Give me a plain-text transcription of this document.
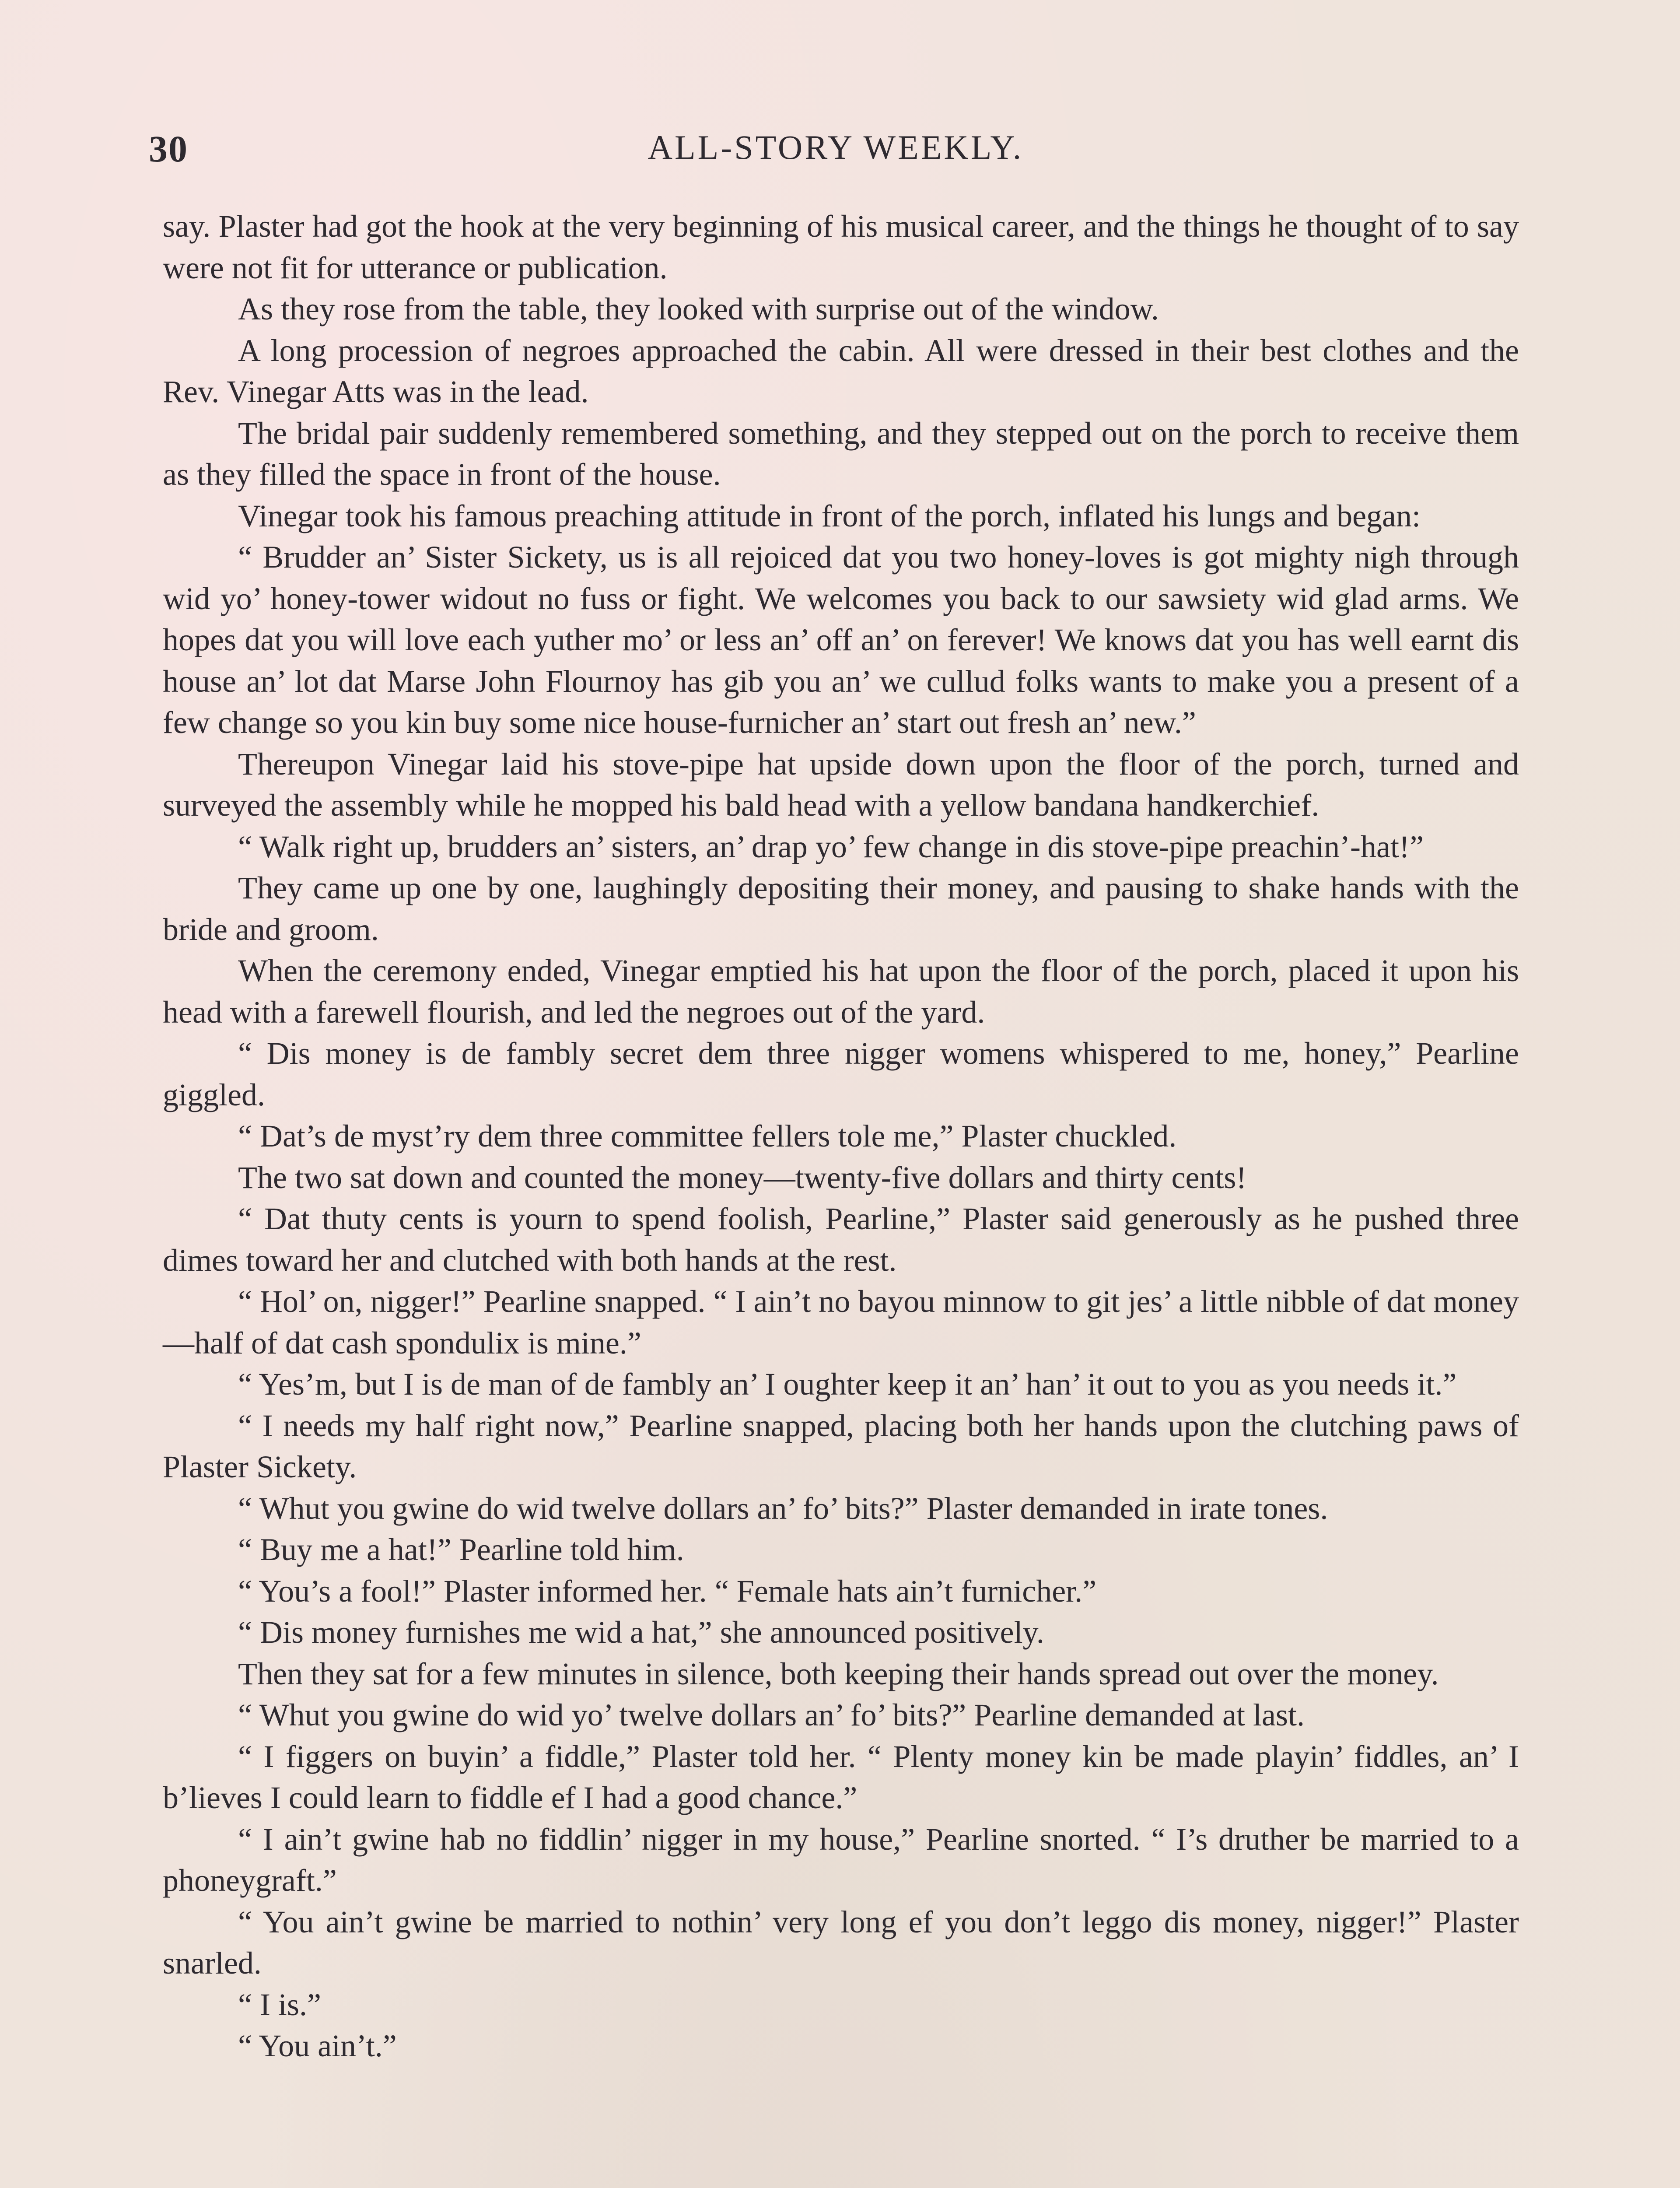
30	ALL-STORY WEEKLY.

say. Plaster had got the hook at the very beginning of his musical career, and the things he thought of to say were not fit for utterance or publication.

As they rose from the table, they looked with surprise out of the window.

A long procession of negroes approached the cabin. All were dressed in their best clothes and the Rev. Vinegar Atts was in the lead.

The bridal pair suddenly remembered something, and they stepped out on the porch to receive them as they filled the space in front of the house.

Vinegar took his famous preaching attitude in front of the porch, inflated his lungs and began:

“ Brudder an’ Sister Sickety, us is all rejoiced dat you two honey-loves is got mighty nigh through wid yo’ honey-tower widout no fuss or fight. We welcomes you back to our sawsiety wid glad arms. We hopes dat you will love each yuther mo’ or less an’ off an’ on ferever! We knows dat you has well earnt dis house an’ lot dat Marse John Flournoy has gib you an’ we cullud folks wants to make you a present of a few change so you kin buy some nice house-furnicher an’ start out fresh an’ new.”

Thereupon Vinegar laid his stove-pipe hat upside down upon the floor of the porch, turned and surveyed the assembly while he mopped his bald head with a yellow bandana handkerchief.

“ Walk right up, brudders an’ sisters, an’ drap yo’ few change in dis stove-pipe preachin’-hat!”

They came up one by one, laughingly depositing their money, and pausing to shake hands with the bride and groom.

When the ceremony ended, Vinegar emptied his hat upon the floor of the porch, placed it upon his head with a farewell flourish, and led the negroes out of the yard.

“ Dis money is de fambly secret dem three nigger womens whispered to me, honey,” Pearline giggled.

“ Dat’s de myst’ry dem three committee fellers tole me,” Plaster chuckled.

The two sat down and counted the money—twenty-five dollars and thirty cents!

“ Dat thuty cents is yourn to spend foolish, Pearline,” Plaster said generously as he pushed three dimes toward her and clutched with both hands at the rest.

“ Hol’ on, nigger!” Pearline snapped. “ I ain’t no bayou minnow to git jes’ a little nibble of dat money—half of dat cash spondulix is mine.”

“ Yes’m, but I is de man of de fambly an’ I oughter keep it an’ han’ it out to you as you needs it.”

“ I needs my half right now,” Pearline snapped, placing both her hands upon the clutching paws of Plaster Sickety.

“ Whut you gwine do wid twelve dollars an’ fo’ bits?” Plaster demanded in irate tones.

“ Buy me a hat!” Pearline told him.

“ You’s a fool!” Plaster informed her. “ Female hats ain’t furnicher.”

“ Dis money furnishes me wid a hat,” she announced positively.

Then they sat for a few minutes in silence, both keeping their hands spread out over the money.

“ Whut you gwine do wid yo’ twelve dollars an’ fo’ bits?” Pearline demanded at last.

“ I figgers on buyin’ a fiddle,” Plaster told her. “ Plenty money kin be made playin’ fiddles, an’ I b’lieves I could learn to fiddle ef I had a good chance.”

“ I ain’t gwine hab no fiddlin’ nigger in my house,” Pearline snorted. “ I’s druther be married to a phoneygraft.”

“ You ain’t gwine be married to nothin’ very long ef you don’t leggo dis money, nigger!” Plaster snarled.

“ I is.”

“ You ain’t.”
